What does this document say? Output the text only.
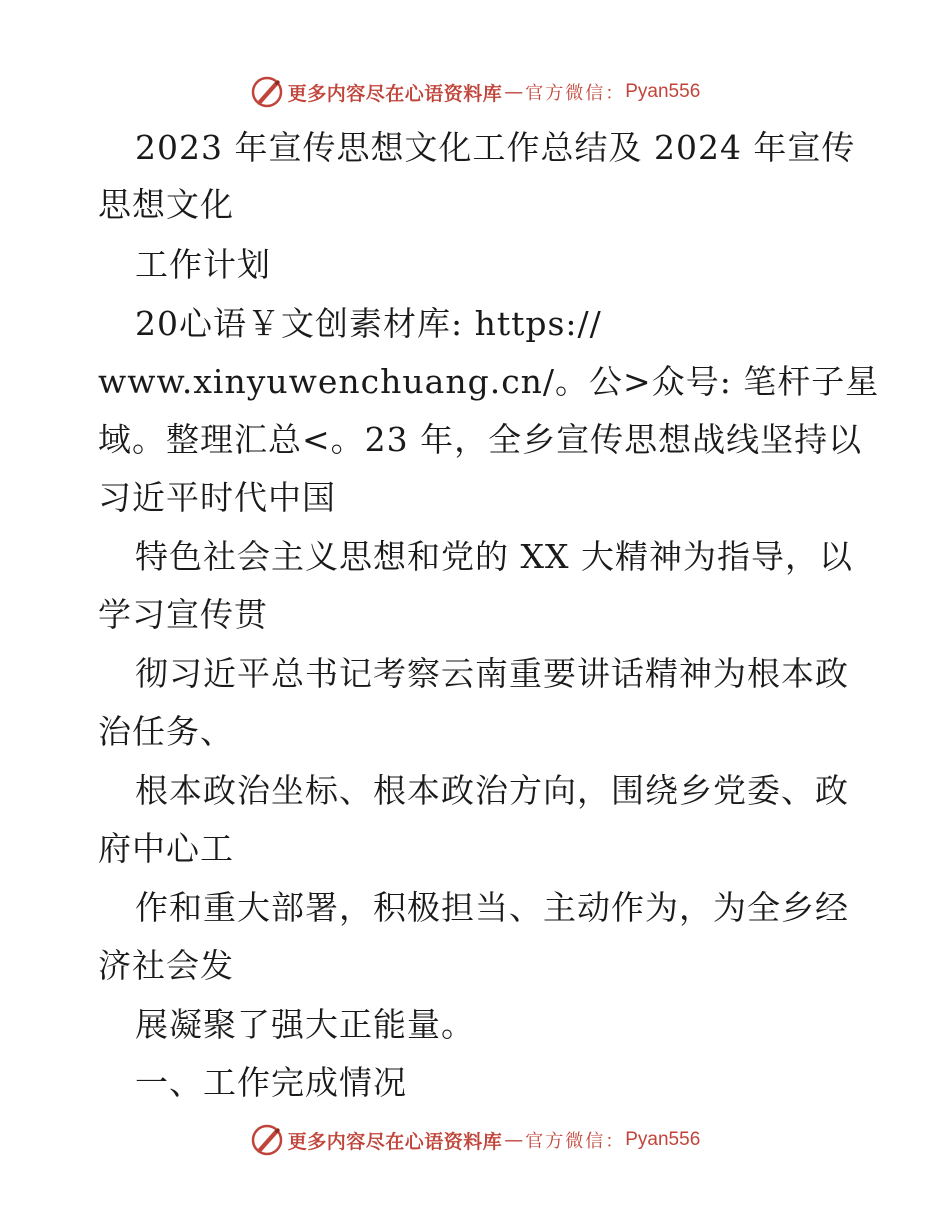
更多内容尽在心语资料库 — 官方微信： Pyan556
2023 年宣传思想文化工作总结及 2024 年宣传
思想文化
工作计划
20心语￥文创素材库: https://
www.xinyuwenchuang.cn/。公>众号: 笔杆子星
域。整理汇总<。23 年，全乡宣传思想战线坚持以
习近平时代中国
特色社会主义思想和党的 XX 大精神为指导，以
学习宣传贯
彻习近平总书记考察云南重要讲话精神为根本政
治任务、
根本政治坐标、根本政治方向，围绕乡党委、政
府中心工
作和重大部署，积极担当、主动作为，为全乡经
济社会发
展凝聚了强大正能量。
一、工作完成情况
更多内容尽在心语资料库 — 官方微信： Pyan556
